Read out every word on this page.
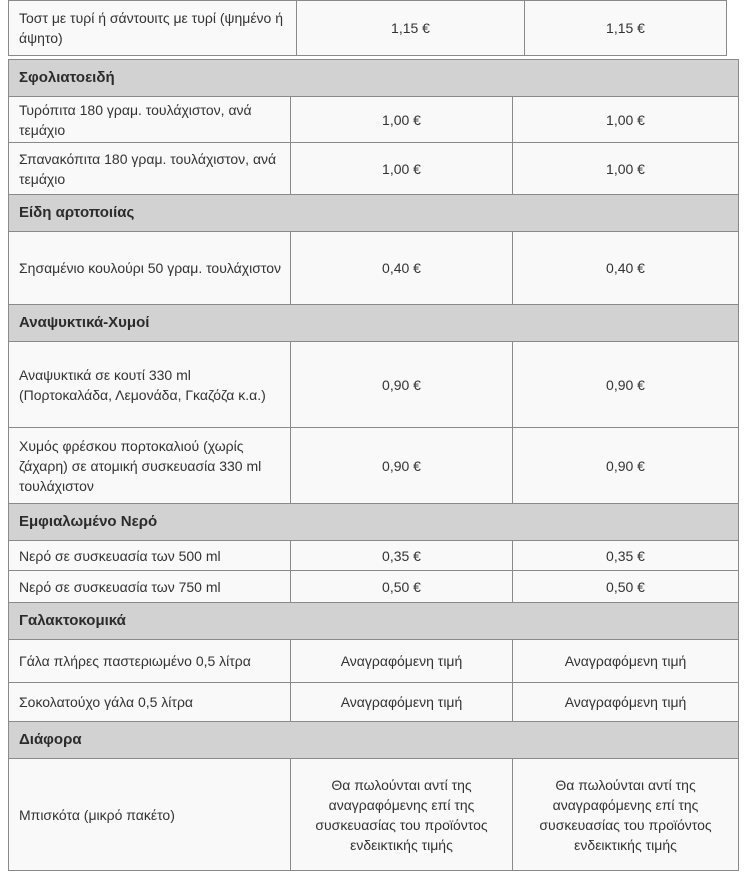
Τοστ με τυρί ή σάντουιτς με τυρί (ψημένο ή άψητο)	1,15 €	1,15 €
Σφολιατοειδή		
Τυρόπιτα 180 γραμ. τουλάχιστον, ανά τεμάχιο	1,00 €	1,00 €
Σπανακόπιτα 180 γραμ. τουλάχιστον, ανά τεμάχιο	1,00 €	1,00 €
Είδη αρτοποιίας		
Σησαμένιο κουλούρι 50 γραμ. τουλάχιστον	0,40 €	0,40 €
Αναψυκτικά-Χυμοί		
Αναψυκτικά σε κουτί 330 ml (Πορτοκαλάδα, Λεμονάδα, Γκαζόζα κ.α.)	0,90 €	0,90 €
Χυμός φρέσκου πορτοκαλιού (χωρίς ζάχαρη) σε ατομική συσκευασία 330 ml τουλάχιστον	0,90 €	0,90 €
Εμφιαλωμένο Νερό		
Νερό σε συσκευασία των 500 ml	0,35 €	0,35 €
Νερό σε συσκευασία των 750 ml	0,50 €	0,50 €
Γαλακτοκομικά		
Γάλα πλήρες παστεριωμένο 0,5 λίτρα	Αναγραφόμενη τιμή	Αναγραφόμενη τιμή
Σοκολατούχο γάλα 0,5 λίτρα	Αναγραφόμενη τιμή	Αναγραφόμενη τιμή
Διάφορα		
Μπισκότα (μικρό πακέτο)	Θα πωλούνται αντί της αναγραφόμενης επί της συσκευασίας του προϊόντος ενδεικτικής τιμής	Θα πωλούνται αντί της αναγραφόμενης επί της συσκευασίας του προϊόντος ενδεικτικής τιμής
